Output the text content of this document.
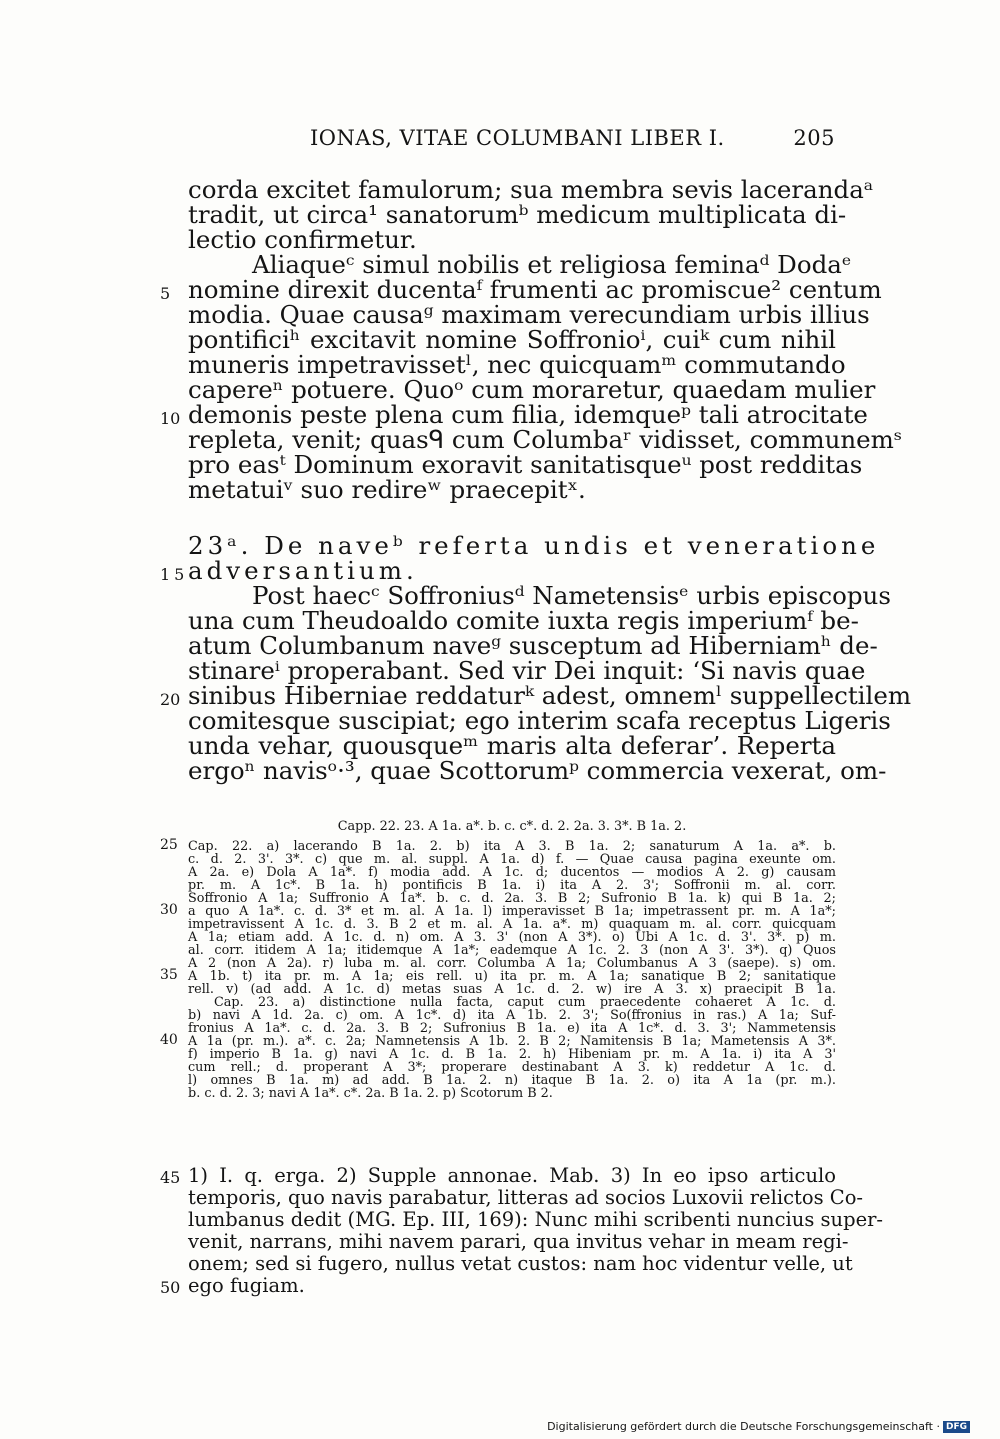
IONAS, VITAE COLUMBANI LIBER I.	205
corda excitet famulorum; sua membra sevis lacerandaᵃ
tradit, ut circa¹ sanatorumᵇ medicum multiplicata di-
lectio confirmetur.
Aliaqueᶜ simul nobilis et religiosa feminaᵈ Dodaᵉ
5 nomine direxit ducentaᶠ frumenti ac promiscue² centum
modia. Quae causaᵍ maximam verecundiam urbis illius
pontificiʰ excitavit nomine Soffronioⁱ, cuiᵏ cum nihil
muneris impetravissetˡ, nec quicquamᵐ commutando
capereⁿ potuere. Quoᵒ cum moraretur, quaedam mulier
10 demonis peste plena cum filia, idemqueᵖ tali atrocitate
repleta, venit; quasᑫ cum Columbaʳ vidisset, communemˢ
pro easᵗ Dominum exoravit sanitatisqueᵘ post redditas
metatuiᵛ suo redireʷ praecepitˣ.
23ᵃ. De naveᵇ referta undis et veneratione
15 adversantium.
Post haecᶜ Soffroniusᵈ Nametensisᵉ urbis episcopus
una cum Theudoaldo comite iuxta regis imperiumᶠ be-
atum Columbanum naveᵍ susceptum ad Hiberniamʰ de-
stinareⁱ properabant. Sed vir Dei inquit: ‘Si navis quae
20 sinibus Hiberniae reddaturᵏ adest, omnemˡ suppellectilem
comitesque suscipiat; ego interim scafa receptus Ligeris
unda vehar, quousqueᵐ maris alta deferar’. Reperta
ergoⁿ navisᵒ·³, quae Scottorumᵖ commercia vexerat, om-
Capp. 22. 23. A 1a. a*. b. c. c*. d. 2. 2a. 3. 3*. B 1a. 2.
25 Cap. 22. a) lacerando B 1a. 2. b) ita A 3. B 1a. 2; sanaturum A 1a. a*. b.
c. d. 2. 3'. 3*. c) que m. al. suppl. A 1a. d) f. — Quae causa pagina exeunte om.
A 2a. e) Dola A 1a*. f) modia add. A 1c. d; ducentos — modios A 2. g) causam
pr. m. A 1c*. B 1a. h) pontificis B 1a. i) ita A 2. 3'; Soffronii m. al. corr.
Soffronio A 1a; Suffronio A 1a*. b. c. d. 2a. 3. B 2; Sufronio B 1a. k) qui B 1a. 2;
30 a quo A 1a*. c. d. 3* et m. al. A 1a. l) imperavisset B 1a; impetrassent pr. m. A 1a*;
impetravissent A 1c. d. 3. B 2 et m. al. A 1a. a*. m) quaquam m. al. corr. quicquam
A 1a; etiam add. A 1c. d. n) om. A 3. 3' (non A 3*). o) Ubi A 1c. d. 3'. 3*. p) m.
al. corr. itidem A 1a; itidemque A 1a*; eademque A 1c. 2. 3 (non A 3'. 3*). q) Quos
A 2 (non A 2a). r) luba m. al. corr. Columba A 1a; Columbanus A 3 (saepe). s) om.
35 A 1b. t) ita pr. m. A 1a; eis rell. u) ita pr. m. A 1a; sanatique B 2; sanitatique
rell. v) (ad add. A 1c. d) metas suas A 1c. d. 2. w) ire A 3. x) praecipit B 1a.
Cap. 23. a) distinctione nulla facta, caput cum praecedente cohaeret A 1c. d.
b) navi A 1d. 2a. c) om. A 1c*. d) ita A 1b. 2. 3'; So(ffronius in ras.) A 1a; Suf-
fronius A 1a*. c. d. 2a. 3. B 2; Sufronius B 1a. e) ita A 1c*. d. 3. 3'; Nammetensis
40 A 1a (pr. m.). a*. c. 2a; Namnetensis A 1b. 2. B 2; Namitensis B 1a; Mametensis A 3*.
f) imperio B 1a. g) navi A 1c. d. B 1a. 2. h) Hibeniam pr. m. A 1a. i) ita A 3'
cum rell.; d. properant A 3*; properare destinabant A 3. k) reddetur A 1c. d.
l) omnes B 1a. m) ad add. B 1a. 2. n) itaque B 1a. 2. o) ita A 1a (pr. m.).
b. c. d. 2. 3; navi A 1a*. c*. 2a. B 1a. 2. p) Scotorum B 2.
45 1) I. q. erga. 2) Supple annonae. Mab. 3) In eo ipso articulo
temporis, quo navis parabatur, litteras ad socios Luxovii relictos Co-
lumbanus dedit (MG. Ep. III, 169): Nunc mihi scribenti nuncius super-
venit, narrans, mihi navem parari, qua invitus vehar in meam regi-
onem; sed si fugero, nullus vetat custos: nam hoc videntur velle, ut
50 ego fugiam.
Digitalisierung gefördert durch die Deutsche Forschungsgemeinschaft · DFG
